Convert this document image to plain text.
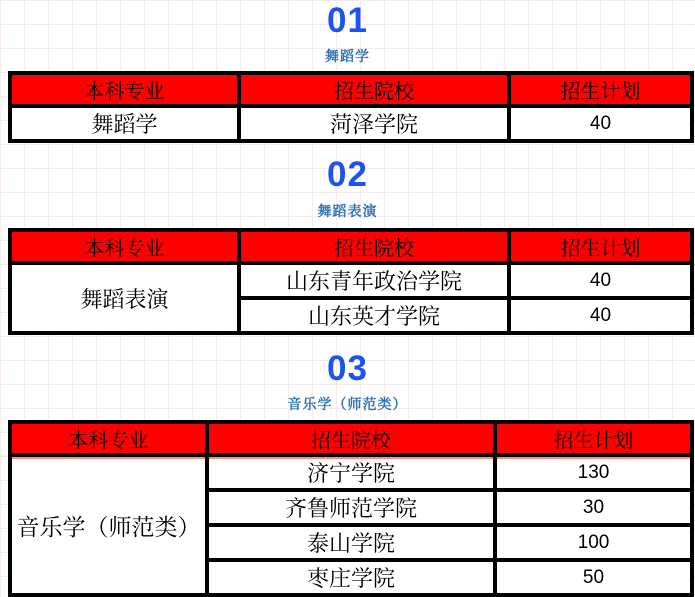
01
舞蹈学
本科专业	招生院校	招生计划
舞蹈学	菏泽学院	40
02
舞蹈表演
本科专业	招生院校	招生计划
舞蹈表演	山东青年政治学院	40
	山东英才学院	40
03
音乐学（师范类）
本科专业	招生院校	招生计划
音乐学（师范类）	济宁学院	130
	齐鲁师范学院	30
	泰山学院	100
	枣庄学院	50
